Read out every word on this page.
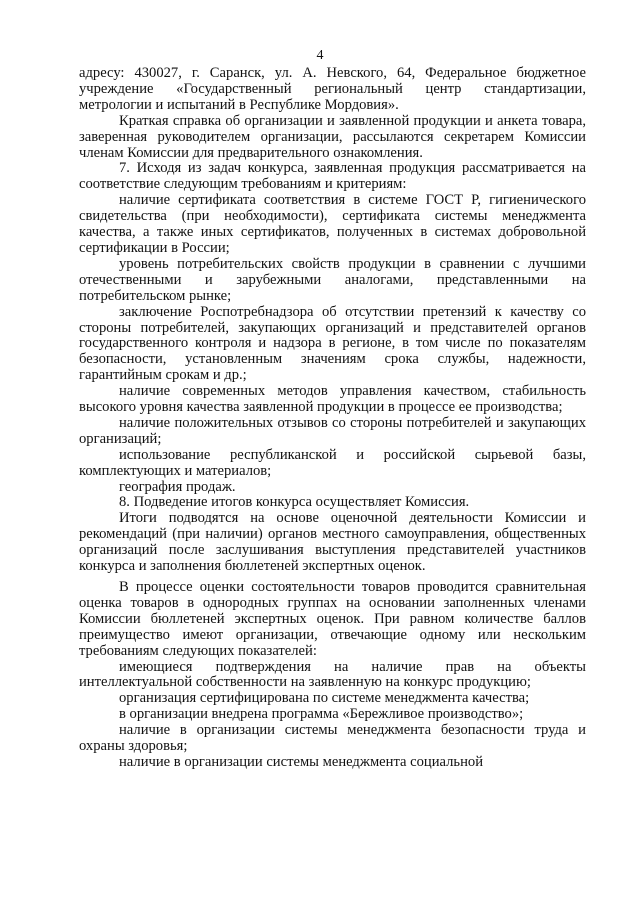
4

адресу: 430027, г. Саранск, ул. А. Невского, 64, Федеральное бюджетное учреждение «Государственный региональный центр стандартизации, метрологии и испытаний в Республике Мордовия».

Краткая справка об организации и заявленной продукции и анкета товара, заверенная руководителем организации, рассылаются секретарем Комиссии членам Комиссии для предварительного ознакомления.

7. Исходя из задач конкурса, заявленная продукция рассматривается на соответствие следующим требованиям и критериям:

наличие сертификата соответствия в системе ГОСТ Р, гигиенического свидетельства (при необходимости), сертификата системы менеджмента качества, а также иных сертификатов, полученных в системах добровольной сертификации в России;

уровень потребительских свойств продукции в сравнении с лучшими отечественными и зарубежными аналогами, представленными на потребительском рынке;

заключение Роспотребнадзора об отсутствии претензий к качеству со стороны потребителей, закупающих организаций и представителей органов государственного контроля и надзора в регионе, в том числе по показателям безопасности, установленным значениям срока службы, надежности, гарантийным срокам и др.;

наличие современных методов управления качеством, стабильность высокого уровня качества заявленной продукции в процессе ее производства;

наличие положительных отзывов со стороны потребителей и закупающих организаций;

использование республиканской и российской сырьевой базы, комплектующих и материалов;

география продаж.

8. Подведение итогов конкурса осуществляет Комиссия.

Итоги подводятся на основе оценочной деятельности Комиссии и рекомендаций (при наличии) органов местного самоуправления, общественных организаций после заслушивания выступления представителей участников конкурса и заполнения бюллетеней экспертных оценок.

В процессе оценки состоятельности товаров проводится сравнительная оценка товаров в однородных группах на основании заполненных членами Комиссии бюллетеней экспертных оценок. При равном количестве баллов преимущество имеют организации, отвечающие одному или нескольким требованиям следующих показателей:

имеющиеся подтверждения на наличие прав на объекты интеллектуальной собственности на заявленную на конкурс продукцию;

организация сертифицирована по системе менеджмента качества;

в организации внедрена программа «Бережливое производство»;

наличие в организации системы менеджмента безопасности труда и охраны здоровья;

наличие в организации системы менеджмента социальной
